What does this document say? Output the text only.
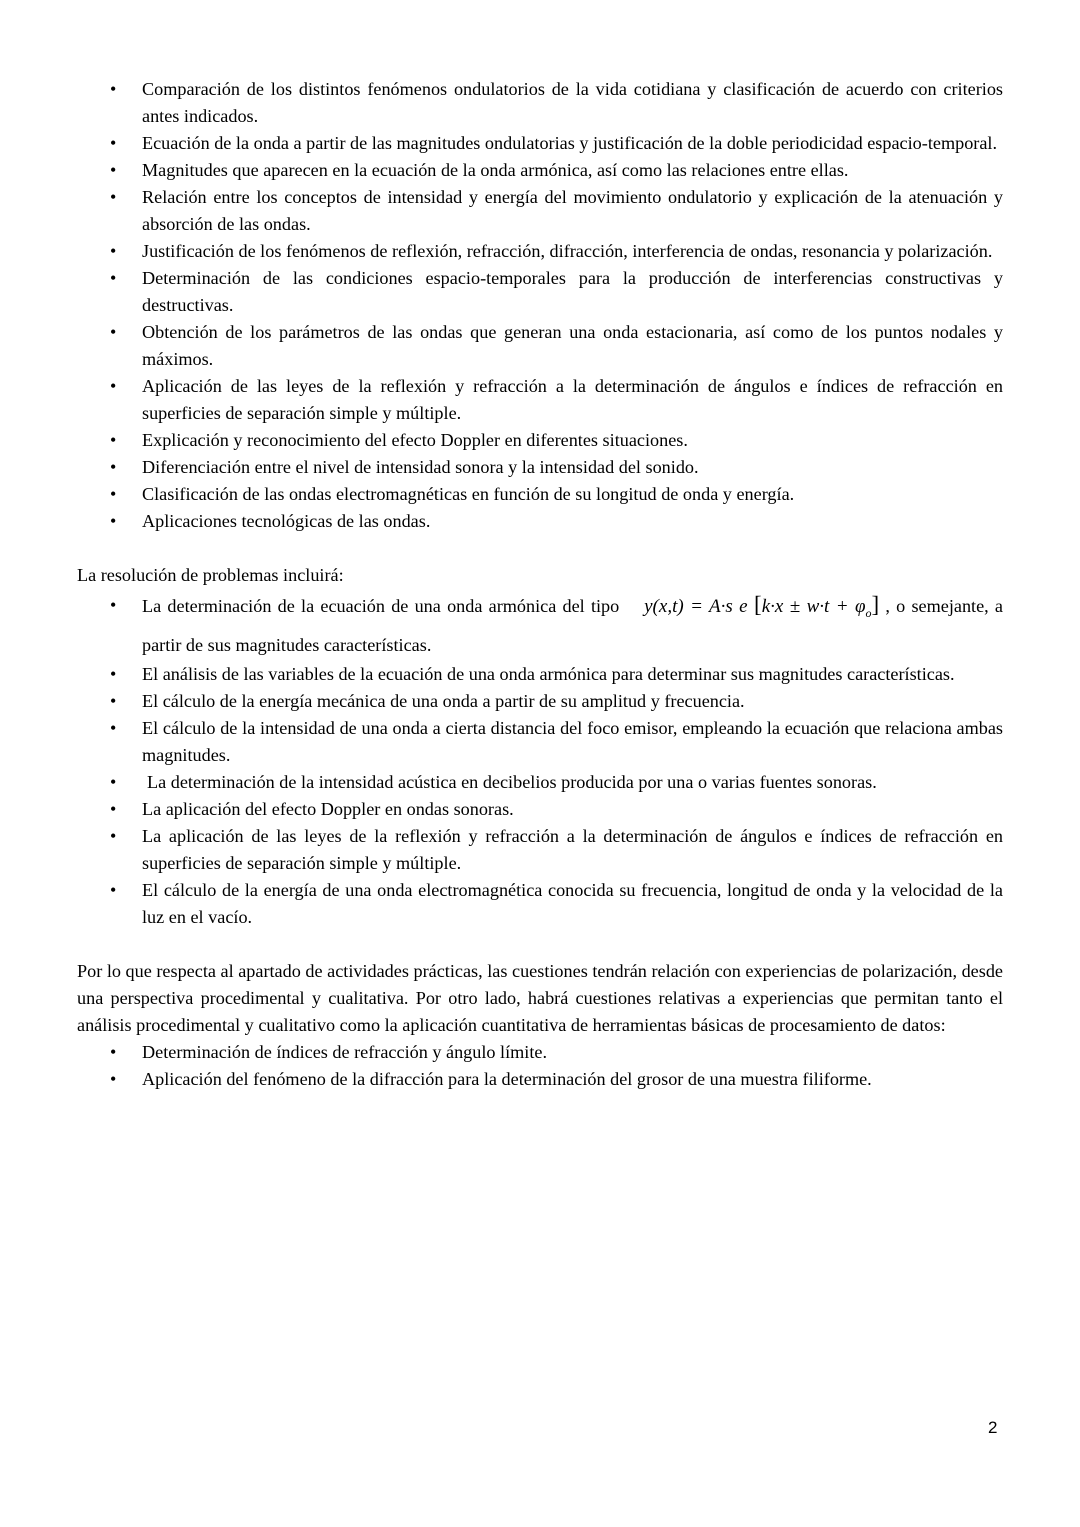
• Comparación de los distintos fenómenos ondulatorios de la vida cotidiana y clasificación de acuerdo con criterios antes indicados.
• Ecuación de la onda a partir de las magnitudes ondulatorias y justificación de la doble periodicidad espacio-temporal.
• Magnitudes que aparecen en la ecuación de la onda armónica, así como las relaciones entre ellas.
• Relación entre los conceptos de intensidad y energía del movimiento ondulatorio y explicación de la atenuación y absorción de las ondas.
• Justificación de los fenómenos de reflexión, refracción, difracción, interferencia de ondas, resonancia y polarización.
• Determinación de las condiciones espacio-temporales para la producción de interferencias constructivas y destructivas.
• Obtención de los parámetros de las ondas que generan una onda estacionaria, así como de los puntos nodales y máximos.
• Aplicación de las leyes de la reflexión y refracción a la determinación de ángulos e índices de refracción en superficies de separación simple y múltiple.
• Explicación y reconocimiento del efecto Doppler en diferentes situaciones.
• Diferenciación entre el nivel de intensidad sonora y la intensidad del sonido.
• Clasificación de las ondas electromagnéticas en función de su longitud de onda y energía.
• Aplicaciones tecnológicas de las ondas.

La resolución de problemas incluirá:

• La determinación de la ecuación de una onda armónica del tipo y(x,t) = A·s e $[k\cdot x \pm w\cdot t + \varphi_o]$ , o semejante, a partir de sus magnitudes características.
• El análisis de las variables de la ecuación de una onda armónica para determinar sus magnitudes características.
• El cálculo de la energía mecánica de una onda a partir de su amplitud y frecuencia.
• El cálculo de la intensidad de una onda a cierta distancia del foco emisor, empleando la ecuación que relaciona ambas magnitudes.
• La determinación de la intensidad acústica en decibelios producida por una o varias fuentes sonoras.
• La aplicación del efecto Doppler en ondas sonoras.
• La aplicación de las leyes de la reflexión y refracción a la determinación de ángulos e índices de refracción en superficies de separación simple y múltiple.
• El cálculo de la energía de una onda electromagnética conocida su frecuencia, longitud de onda y la velocidad de la luz en el vacío.

Por lo que respecta al apartado de actividades prácticas, las cuestiones tendrán relación con experiencias de polarización, desde una perspectiva procedimental y cualitativa. Por otro lado, habrá cuestiones relativas a experiencias que permitan tanto el análisis procedimental y cualitativo como la aplicación cuantitativa de herramientas básicas de procesamiento de datos:

• Determinación de índices de refracción y ángulo límite.
• Aplicación del fenómeno de la difracción para la determinación del grosor de una muestra filiforme.
2
